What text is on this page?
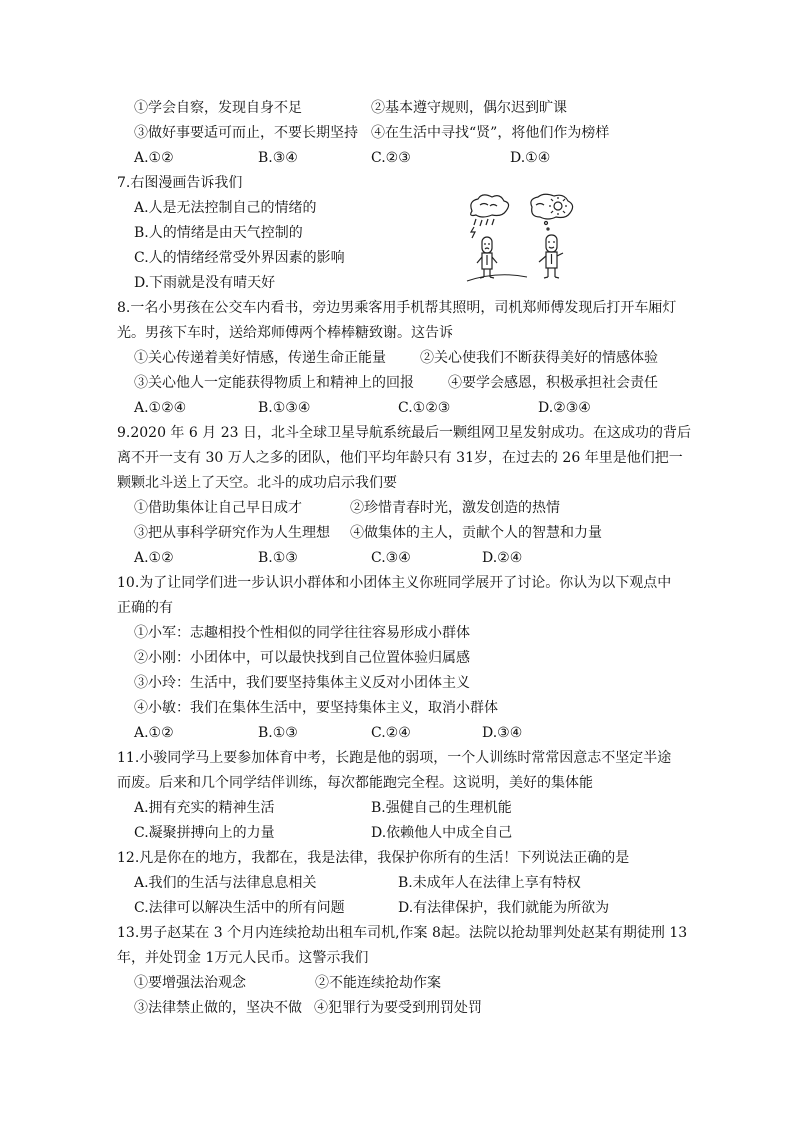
①学会自察，发现自身不足	②基本遵守规则，偶尔迟到旷课
③做好事要适可而止，不要长期坚持 ④在生活中寻找“贤”，将他们作为榜样
A.①②	B.③④	C.②③	D.①④
7.右图漫画告诉我们
A.人是无法控制自己的情绪的
B.人的情绪是由天气控制的
C.人的情绪经常受外界因素的影响
D.下雨就是没有晴天好
8.一名小男孩在公交车内看书，旁边男乘客用手机帮其照明，司机郑师傅发现后打开车厢灯
光。男孩下车时，送给郑师傅两个棒棒糖致谢。这告诉
①关心传递着美好情感，传递生命正能量 ②关心使我们不断获得美好的情感体验
③关心他人一定能获得物质上和精神上的回报 ④要学会感恩，积极承担社会责任
A.①②④	B.①③④	C.①②③	D.②③④
9.2020 年 6 月 23 日，北斗全球卫星导航系统最后一颗组网卫星发射成功。在这成功的背后
离不开一支有 30 万人之多的团队，他们平均年龄只有 31岁，在过去的 26 年里是他们把一
颗颗北斗送上了天空。北斗的成功启示我们要
①借助集体让自己早日成才	②珍惜青春时光，激发创造的热情
③把从事科学研究作为人生理想 ④做集体的主人，贡献个人的智慧和力量
A.①②	B.①③	C.③④	D.②④
10.为了让同学们进一步认识小群体和小团体主义你班同学展开了讨论。你认为以下观点中
正确的有
①小军：志趣相投个性相似的同学往往容易形成小群体
②小刚：小团体中，可以最快找到自己位置体验归属感
③小玲：生活中，我们要坚持集体主义反对小团体主义
④小敏：我们在集体生活中，要坚持集体主义，取消小群体
A.①②	B.①③	C.②④	D.③④
11.小骏同学马上要参加体育中考，长跑是他的弱项，一个人训练时常常因意志不坚定半途
而废。后来和几个同学结伴训练，每次都能跑完全程。这说明，美好的集体能
A.拥有充实的精神生活	B.强健自己的生理机能
C.凝聚拼搏向上的力量	D.依赖他人中成全自己
12.凡是你在的地方，我都在，我是法律，我保护你所有的生活！下列说法正确的是
A.我们的生活与法律息息相关	B.未成年人在法律上享有特权
C.法律可以解决生活中的所有问题	D.有法律保护，我们就能为所欲为
13.男子赵某在 3 个月内连续抢劫出租车司机,作案 8起。法院以抢劫罪判处赵某有期徒刑 13
年，并处罚金 1万元人民币。这警示我们
①要增强法治观念	②不能连续抢劫作案
③法律禁止做的，坚决不做 ④犯罪行为要受到刑罚处罚
